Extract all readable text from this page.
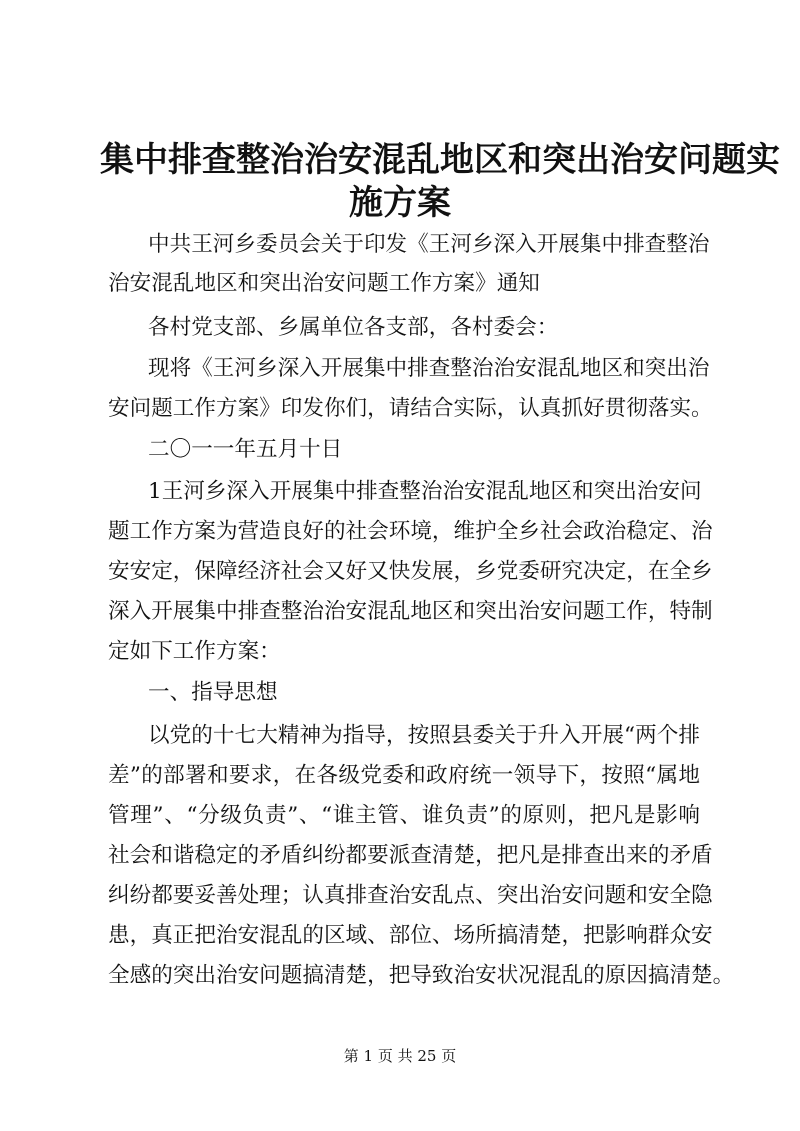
集中排查整治治安混乱地区和突出治安问题实
施方案

中共王河乡委员会关于印发《王河乡深入开展集中排查整治

治安混乱地区和突出治安问题工作方案》通知

各村党支部、乡属单位各支部，各村委会：

现将《王河乡深入开展集中排查整治治安混乱地区和突出治

安问题工作方案》印发你们，请结合实际，认真抓好贯彻落实。

二〇一一年五月十日

1王河乡深入开展集中排查整治治安混乱地区和突出治安问

题工作方案为营造良好的社会环境，维护全乡社会政治稳定、治

安安定，保障经济社会又好又快发展，乡党委研究决定，在全乡

深入开展集中排查整治治安混乱地区和突出治安问题工作，特制

定如下工作方案：

一、指导思想

以党的十七大精神为指导，按照县委关于升入开展“两个排

差”的部署和要求，在各级党委和政府统一领导下，按照“属地

管理”、“分级负责”、“谁主管、谁负责”的原则，把凡是影响

社会和谐稳定的矛盾纠纷都要派查清楚，把凡是排查出来的矛盾

纠纷都要妥善处理；认真排查治安乱点、突出治安问题和安全隐

患，真正把治安混乱的区域、部位、场所搞清楚，把影响群众安

全感的突出治安问题搞清楚，把导致治安状况混乱的原因搞清楚。

第 1 页 共 25 页
